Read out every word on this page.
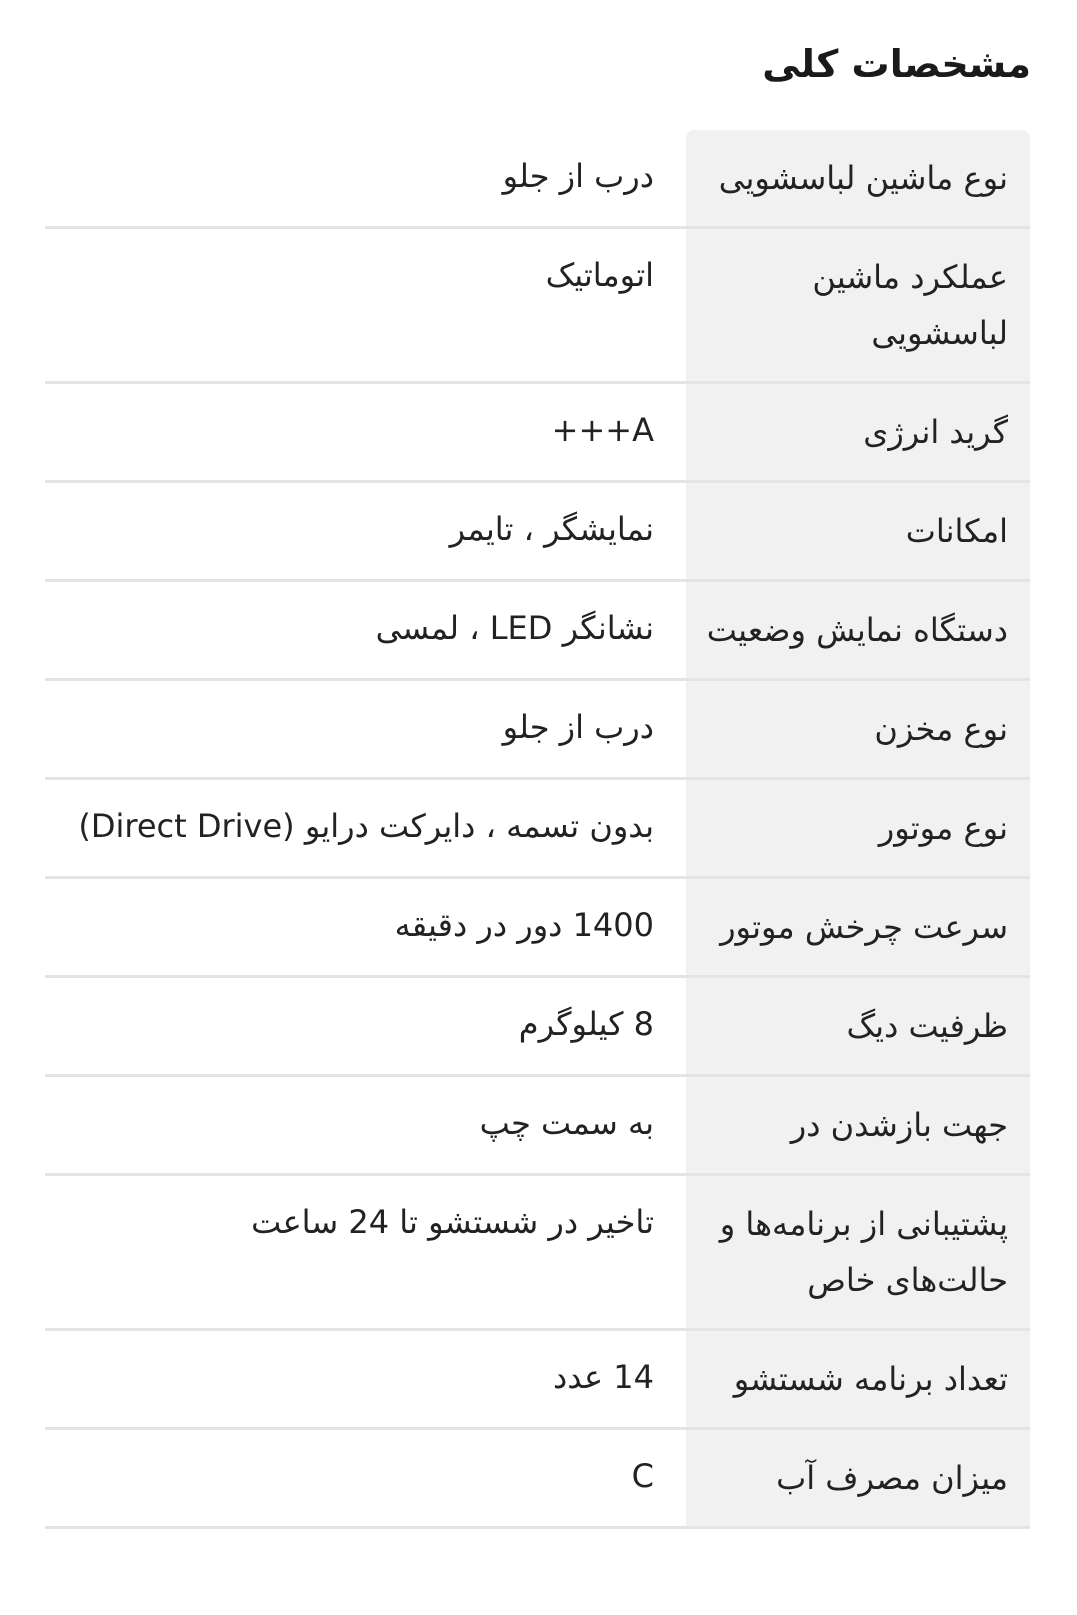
مشخصات کلی
نوع ماشین لباسشویی
درب از جلو
عملکرد ماشین لباسشویی
اتوماتیک
گرید انرژی
A+++
امکانات
نمایشگر ، تایمر
دستگاه نمایش وضعیت
نشانگر LED ، لمسی
نوع مخزن
درب از جلو
نوع موتور
بدون تسمه ، دایرکت درایو (Direct Drive)
سرعت چرخش موتور
1400 دور در دقیقه
ظرفیت دیگ
8 کیلوگرم
جهت بازشدن در
به سمت چپ
پشتیبانی از برنامه‌ها و حالت‌های خاص
تاخیر در شستشو تا 24 ساعت
تعداد برنامه شستشو
14 عدد
میزان مصرف آب
C
